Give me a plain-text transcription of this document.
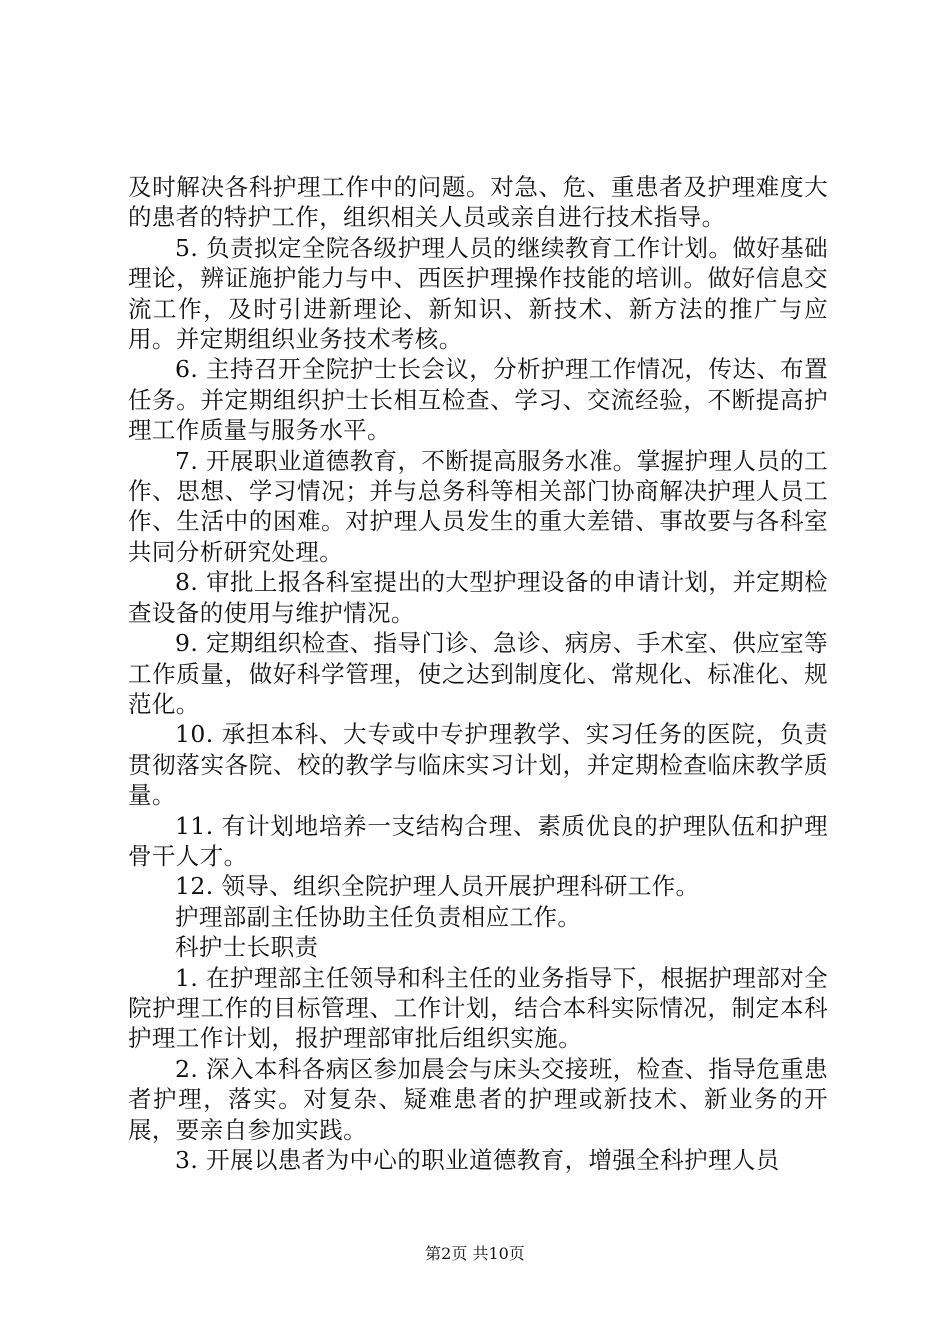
及时解决各科护理工作中的问题。对急、危、重患者及护理难度大的患者的特护工作，组织相关人员或亲自进行技术指导。

5. 负责拟定全院各级护理人员的继续教育工作计划。做好基础理论，辨证施护能力与中、西医护理操作技能的培训。做好信息交流工作，及时引进新理论、新知识、新技术、新方法的推广与应用。并定期组织业务技术考核。

6. 主持召开全院护士长会议，分析护理工作情况，传达、布置任务。并定期组织护士长相互检查、学习、交流经验，不断提高护理工作质量与服务水平。

7. 开展职业道德教育，不断提高服务水准。掌握护理人员的工作、思想、学习情况；并与总务科等相关部门协商解决护理人员工作、生活中的困难。对护理人员发生的重大差错、事故要与各科室共同分析研究处理。

8. 审批上报各科室提出的大型护理设备的申请计划，并定期检查设备的使用与维护情况。

9. 定期组织检查、指导门诊、急诊、病房、手术室、供应室等工作质量，做好科学管理，使之达到制度化、常规化、标准化、规范化。

10. 承担本科、大专或中专护理教学、实习任务的医院，负责贯彻落实各院、校的教学与临床实习计划，并定期检查临床教学质量。

11. 有计划地培养一支结构合理、素质优良的护理队伍和护理骨干人才。

12. 领导、组织全院护理人员开展护理科研工作。

护理部副主任协助主任负责相应工作。

科护士长职责

1. 在护理部主任领导和科主任的业务指导下，根据护理部对全院护理工作的目标管理、工作计划，结合本科实际情况，制定本科护理工作计划，报护理部审批后组织实施。

2. 深入本科各病区参加晨会与床头交接班，检查、指导危重患者护理，落实。对复杂、疑难患者的护理或新技术、新业务的开展，要亲自参加实践。

3. 开展以患者为中心的职业道德教育，增强全科护理人员

第2页 共10页
